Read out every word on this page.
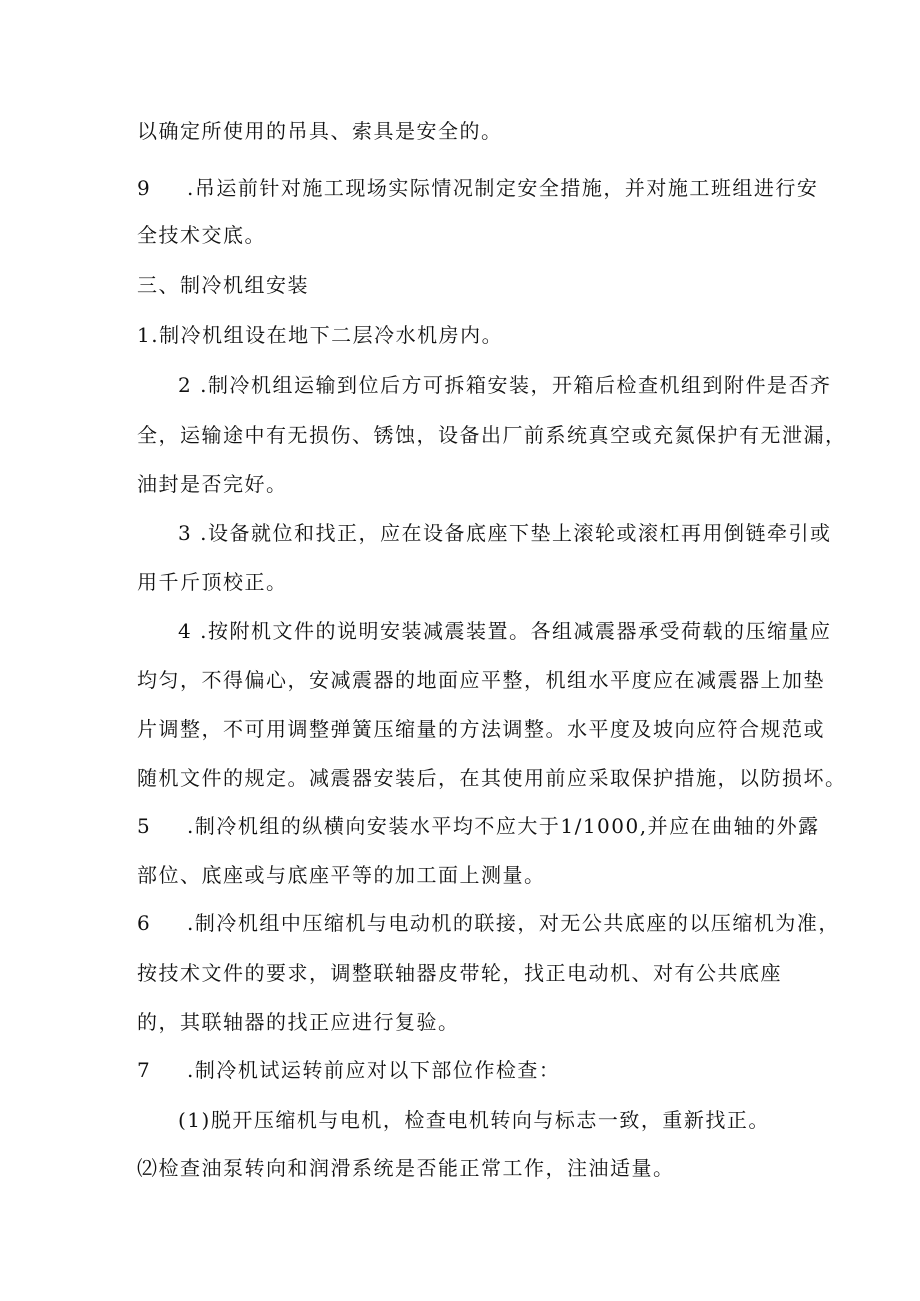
以确定所使用的吊具、索具是安全的。
9 .吊运前针对施工现场实际情况制定安全措施，并对施工班组进行安
全技术交底。
三、制冷机组安装
1.制冷机组设在地下二层冷水机房内。
2 .制冷机组运输到位后方可拆箱安装，开箱后检查机组到附件是否齐
全，运输途中有无损伤、锈蚀，设备出厂前系统真空或充氮保护有无泄漏，
油封是否完好。
3 .设备就位和找正，应在设备底座下垫上滚轮或滚杠再用倒链牵引或
用千斤顶校正。
4 .按附机文件的说明安装减震装置。各组减震器承受荷载的压缩量应
均匀，不得偏心，安减震器的地面应平整，机组水平度应在减震器上加垫
片调整，不可用调整弹簧压缩量的方法调整。水平度及坡向应符合规范或
随机文件的规定。减震器安装后，在其使用前应采取保护措施，以防损坏。
5 .制冷机组的纵横向安装水平均不应大于1/1000,并应在曲轴的外露
部位、底座或与底座平等的加工面上测量。
6 .制冷机组中压缩机与电动机的联接，对无公共底座的以压缩机为准，
按技术文件的要求，调整联轴器皮带轮，找正电动机、对有公共底座
的，其联轴器的找正应进行复验。
7 .制冷机试运转前应对以下部位作检查：
(1)脱开压缩机与电机，检查电机转向与标志一致，重新找正。
⑵检查油泵转向和润滑系统是否能正常工作，注油适量。
